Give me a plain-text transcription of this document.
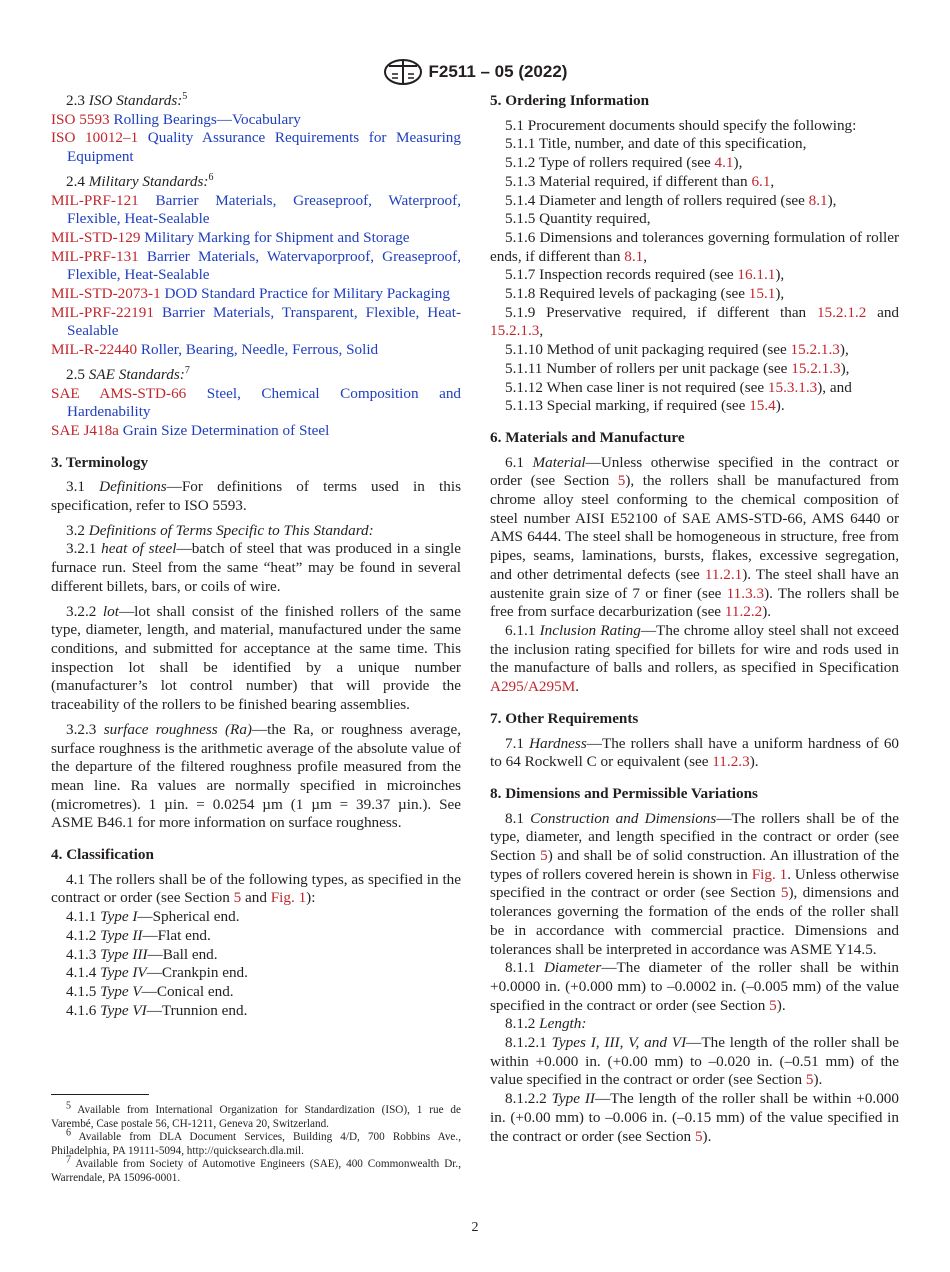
F2511 – 05 (2022)

2.3 ISO Standards:$^5$

ISO 5593 Rolling Bearings—Vocabulary

ISO 10012–1 Quality Assurance Requirements for Measuring Equipment

2.4 Military Standards:$^6$

MIL-PRF-121 Barrier Materials, Greaseproof, Waterproof, Flexible, Heat-Sealable

MIL-STD-129 Military Marking for Shipment and Storage

MIL-PRF-131 Barrier Materials, Watervaporproof, Greaseproof, Flexible, Heat-Sealable

MIL-STD-2073-1 DOD Standard Practice for Military Packaging

MIL-PRF-22191 Barrier Materials, Transparent, Flexible, Heat-Sealable

MIL-R-22440 Roller, Bearing, Needle, Ferrous, Solid

2.5 SAE Standards:$^7$

SAE AMS-STD-66 Steel, Chemical Composition and Hardenability

SAE J418a Grain Size Determination of Steel

3. Terminology

3.1 Definitions—For definitions of terms used in this specification, refer to ISO 5593.

3.2 Definitions of Terms Specific to This Standard:

3.2.1 heat of steel—batch of steel that was produced in a single furnace run. Steel from the same “heat” may be found in several different billets, bars, or coils of wire.

3.2.2 lot—lot shall consist of the finished rollers of the same type, diameter, length, and material, manufactured under the same conditions, and submitted for acceptance at the same time. This inspection lot shall be identified by a unique number (manufacturer’s lot control number) that will provide the traceability of the rollers to be finished bearing assemblies.

3.2.3 surface roughness (Ra)—the Ra, or roughness average, surface roughness is the arithmetic average of the absolute value of the departure of the filtered roughness profile measured from the mean line. Ra values are normally specified in microinches (micrometres). 1 µin. = 0.0254 µm (1 µm = 39.37 µin.). See ASME B46.1 for more information on surface roughness.

4. Classification

4.1 The rollers shall be of the following types, as specified in the contract or order (see Section 5 and Fig. 1):

4.1.1 Type I—Spherical end.

4.1.2 Type II—Flat end.

4.1.3 Type III—Ball end.

4.1.4 Type IV—Crankpin end.

4.1.5 Type V—Conical end.

4.1.6 Type VI—Trunnion end.

$^5$ Available from International Organization for Standardization (ISO), 1 rue de Varembé, Case postale 56, CH-1211, Geneva 20, Switzerland.

$^6$ Available from DLA Document Services, Building 4/D, 700 Robbins Ave., Philadelphia, PA 19111-5094, http://quicksearch.dla.mil.

$^7$ Available from Society of Automotive Engineers (SAE), 400 Commonwealth Dr., Warrendale, PA 15096-0001.

5. Ordering Information

5.1 Procurement documents should specify the following:

5.1.1 Title, number, and date of this specification,

5.1.2 Type of rollers required (see 4.1),

5.1.3 Material required, if different than 6.1,

5.1.4 Diameter and length of rollers required (see 8.1),

5.1.5 Quantity required,

5.1.6 Dimensions and tolerances governing formulation of roller ends, if different than 8.1,

5.1.7 Inspection records required (see 16.1.1),

5.1.8 Required levels of packaging (see 15.1),

5.1.9 Preservative required, if different than 15.2.1.2 and 15.2.1.3,

5.1.10 Method of unit packaging required (see 15.2.1.3),

5.1.11 Number of rollers per unit package (see 15.2.1.3),

5.1.12 When case liner is not required (see 15.3.1.3), and

5.1.13 Special marking, if required (see 15.4).

6. Materials and Manufacture

6.1 Material—Unless otherwise specified in the contract or order (see Section 5), the rollers shall be manufactured from chrome alloy steel conforming to the chemical composition of steel number AISI E52100 of SAE AMS-STD-66, AMS 6440 or AMS 6444. The steel shall be homogeneous in structure, free from pipes, seams, laminations, bursts, flakes, excessive segregation, and other detrimental defects (see 11.2.1). The steel shall have an austenite grain size of 7 or finer (see 11.3.3). The rollers shall be free from surface decarburization (see 11.2.2).

6.1.1 Inclusion Rating—The chrome alloy steel shall not exceed the inclusion rating specified for billets for wire and rods used in the manufacture of balls and rollers, as specified in Specification A295/A295M.

7. Other Requirements

7.1 Hardness—The rollers shall have a uniform hardness of 60 to 64 Rockwell C or equivalent (see 11.2.3).

8. Dimensions and Permissible Variations

8.1 Construction and Dimensions—The rollers shall be of the type, diameter, and length specified in the contract or order (see Section 5) and shall be of solid construction. An illustration of the types of rollers covered herein is shown in Fig. 1. Unless otherwise specified in the contract or order (see Section 5), dimensions and tolerances governing the formation of the ends of the roller shall be in accordance with commercial practice. Dimensions and tolerances shall be interpreted in accordance was ASME Y14.5.

8.1.1 Diameter—The diameter of the roller shall be within +0.0000 in. (+0.000 mm) to –0.0002 in. (–0.005 mm) of the value specified in the contract or order (see Section 5).

8.1.2 Length:

8.1.2.1 Types I, III, V, and VI—The length of the roller shall be within +0.000 in. (+0.00 mm) to –0.020 in. (–0.51 mm) of the value specified in the contract or order (see Section 5).

8.1.2.2 Type II—The length of the roller shall be within +0.000 in. (+0.00 mm) to –0.006 in. (–0.15 mm) of the value specified in the contract or order (see Section 5).

2
